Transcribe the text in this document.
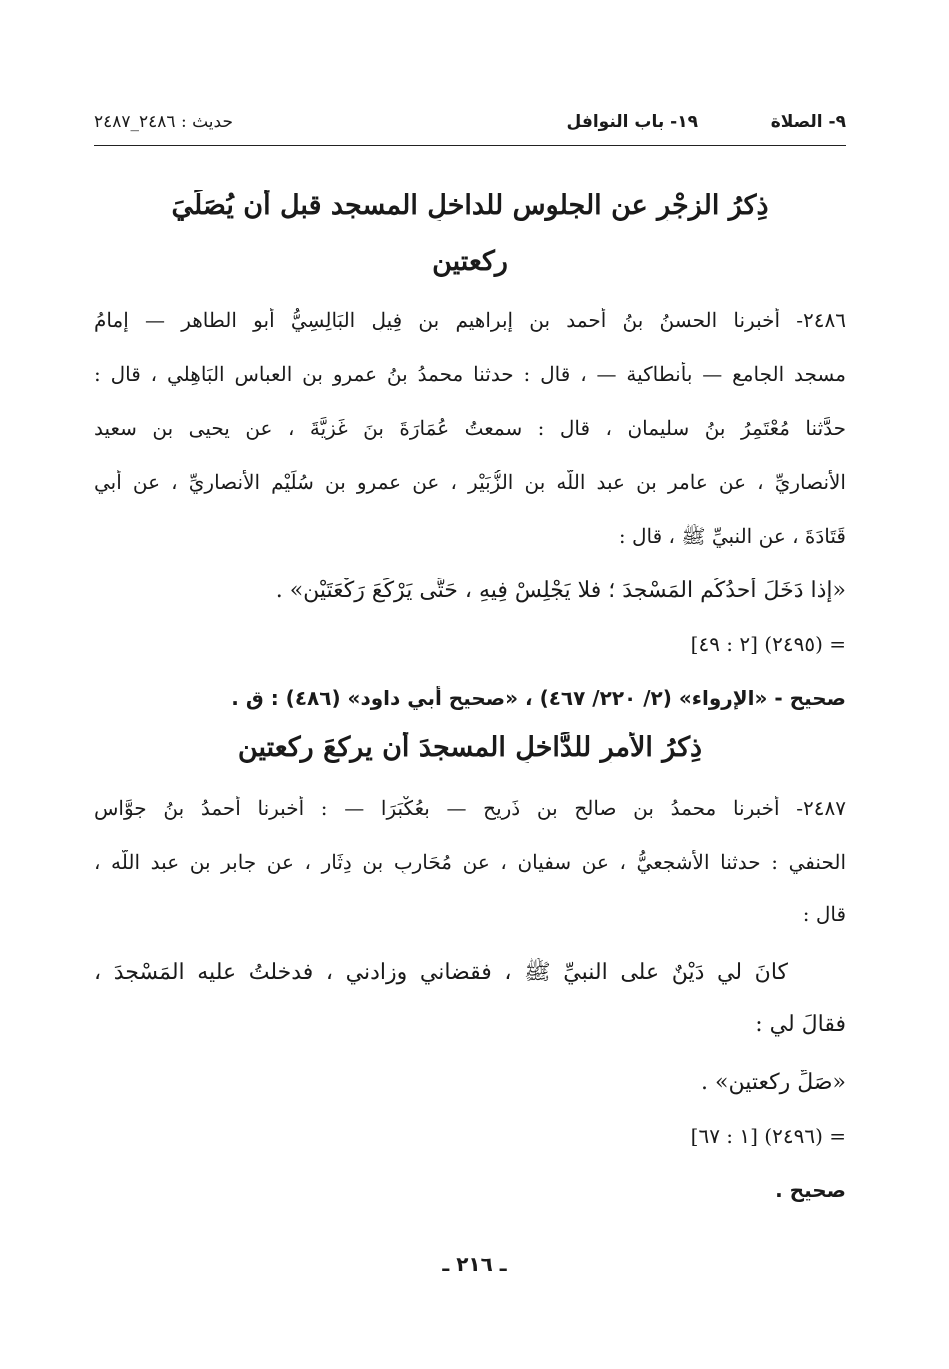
٩- الصلاة
١٩- باب النوافل
حديث : ٢٤٨٦_٢٤٨٧
ذِكرُ الزجْرِ عن الجلوس للداخلِ المسجد قبل أن يُصَلِّيَ
ركعتين
٢٤٨٦- أخبرنا الحسنُ بنُ أحمد بنِ إبراهيم بن فِيلٍ البَالِسِيُّ أبو الطاهر — إمامُ
مسجد الجامع — بأنطاكية — ، قال : حدثنا محمدُ بنُ عمرو بنِ العباس البَاهِلي ، قال :
حدَّثنا مُعْتَمِرُ بنُ سليمان ، قال : سمعتُ عُمَارَةَ بنَ غَزِيَّةَ ، عن يحيى بن سعيد
الأنصاريِّ ، عن عامرِ بن عبد اللّه بنِ الزُّبَيْرِ ، عن عمرو بن سُلَيْمٍ الأنصاريِّ ، عن أبي
قَتَادَةَ ، عن النبيِّ ﷺ ، قال :
«إذا دَخَلَ أَحدُكُم المَسْجدَ ؛ فلا يَجْلِسْ فِيهِ ، حَتَّى يَرْكَعَ رَكْعَتَيْنِ» .
= (٢٤٩٥) [٢ : ٤٩]
صحيح - «الإرواء» (٢/ ٢٢٠/ ٤٦٧) ، «صحيح أبي داود» (٤٨٦) : ق .
ذِكرُ الأمرِ للدَّاخلِ المسجدَ أن يركعَ ركعتين
٢٤٨٧- أخبرنا محمدُ بن صالح بن ذَرِيح — بعُكْبَرَا — : أخبرنا أحمدُ بنُ جوَّاسٍ
الحنفي : حدثنا الأشجعيُّ ، عن سفيان ، عن مُحَارِبِ بن دِثَار ، عن جابرِ بن عبد اللّه ،
قال :
كانَ لي دَيْنٌ على النبيِّ ﷺ ، فقضاني وزادني ، فدخلتُ عليه المَسْجدَ ،
فقالَ لي :
«صَلِّ ركعتين» .
= (٢٤٩٦) [١ : ٦٧]
صحيح .
ـ ٢١٦ ـ
